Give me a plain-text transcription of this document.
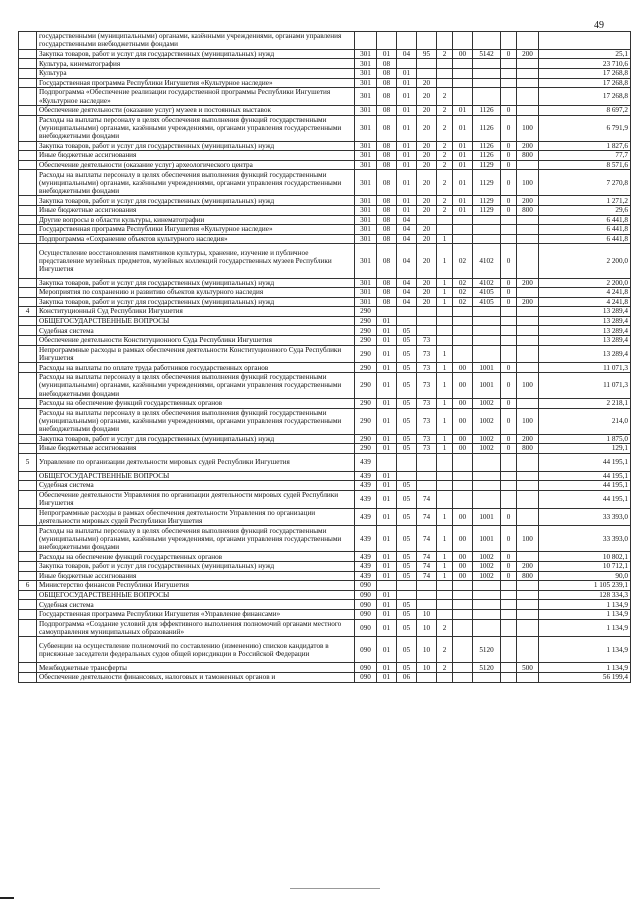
49
	государственными (муниципальными) органами, казёнными учреждениями, органами управления государственными внебюджетными фондами										
	Закупка товаров, работ и услуг для государственных (муниципальных) нужд	301	01	04	95	2	00	5142	0	200	25,1
	Культура, кинематография	301	08								23 710,6
	Культура	301	08	01							17 268,8
	Государственная программа Республики Ингушетия «Культурное наследие»	301	08	01	20						17 268,8
	Подпрограмма «Обеспечение реализации государственной программы Республики Ингушетия «Культурное наследие»	301	08	01	20	2					17 268,8
	Обеспечение деятельности (оказание услуг) музеев и постоянных выставок	301	08	01	20	2	01	1126	0		8 697,2
	Расходы на выплаты персоналу в целях обеспечения выполнения функций государственными (муниципальными) органами, казёнными учреждениями, органами управления государственными внебюджетными фондами	301	08	01	20	2	01	1126	0	100	6 791,9
	Закупка товаров, работ и услуг для государственных (муниципальных) нужд	301	08	01	20	2	01	1126	0	200	1 827,6
	Иные бюджетные ассигнования	301	08	01	20	2	01	1126	0	800	77,7
	Обеспечение деятельности (оказание услуг) археологического центра	301	08	01	20	2	01	1129	0		8 571,6
	Расходы на выплаты персоналу в целях обеспечения выполнения функций государственными (муниципальными) органами, казёнными учреждениями, органами управления государственными внебюджетными фондами	301	08	01	20	2	01	1129	0	100	7 270,8
	Закупка товаров, работ и услуг для государственных (муниципальных) нужд	301	08	01	20	2	01	1129	0	200	1 271,2
	Иные бюджетные ассигнования	301	08	01	20	2	01	1129	0	800	29,6
	Другие вопросы в области культуры, кинематографии	301	08	04							6 441,8
	Государственная программа Республики Ингушетия «Культурное наследие»	301	08	04	20						6 441,8
	Подпрограмма «Сохранение объектов культурного наследия»	301	08	04	20	1					6 441,8
	Осуществление восстановления памятников культуры, хранение, изучение и публичное представление музейных предметов, музейных коллекций государственных музеев Республики Ингушетия	301	08	04	20	1	02	4102	0		2 200,0
	Закупка товаров, работ и услуг для государственных (муниципальных) нужд	301	08	04	20	1	02	4102	0	200	2 200,0
	Мероприятия по сохранению и развитию объектов культурного наследия	301	08	04	20	1	02	4105	0		4 241,8
	Закупка товаров, работ и услуг для государственных (муниципальных) нужд	301	08	04	20	1	02	4105	0	200	4 241,8
4	Конституционный Суд Республики Ингушетия	290									13 289,4
	ОБЩЕГОСУДАРСТВЕННЫЕ ВОПРОСЫ	290	01								13 289,4
	Судебная система	290	01	05							13 289,4
	Обеспечение деятельности Конституционного Суда Республики Ингушетия	290	01	05	73						13 289,4
	Непрограммные расходы в рамках обеспечения деятельности Конституционного Суда Республики Ингушетия	290	01	05	73	1					13 289,4
	Расходы на выплаты по оплате труда работников государственных органов	290	01	05	73	1	00	1001	0		11 071,3
	Расходы на выплаты персоналу в целях обеспечения выполнения функций государственными (муниципальными) органами, казёнными учреждениями, органами управления государственными внебюджетными фондами	290	01	05	73	1	00	1001	0	100	11 071,3
	Расходы на обеспечение функций государственных органов	290	01	05	73	1	00	1002	0		2 218,1
	Расходы на выплаты персоналу в целях обеспечения выполнения функций государственными (муниципальными) органами, казёнными учреждениями, органами управления государственными внебюджетными фондами	290	01	05	73	1	00	1002	0	100	214,0
	Закупка товаров, работ и услуг для государственных (муниципальных) нужд	290	01	05	73	1	00	1002	0	200	1 875,0
	Иные бюджетные ассигнования	290	01	05	73	1	00	1002	0	800	129,1
5	Управление по организации деятельности мировых судей Республики Ингушетия	439									44 195,1
	ОБЩЕГОСУДАРСТВЕННЫЕ ВОПРОСЫ	439	01								44 195,1
	Судебная система	439	01	05							44 195,1
	Обеспечение деятельности Управления по организации деятельности мировых судей Республики Ингушетия	439	01	05	74						44 195,1
	Непрограммные расходы в рамках обеспечения деятельности Управления по организации деятельности мировых судей Республики Ингушетия	439	01	05	74	1	00	1001	0		33 393,0
	Расходы на выплаты персоналу в целях обеспечения выполнения функций государственными (муниципальными) органами, казёнными учреждениями, органами управления государственными внебюджетными фондами	439	01	05	74	1	00	1001	0	100	33 393,0
	Расходы на обеспечение функций государственных органов	439	01	05	74	1	00	1002	0		10 802,1
	Закупка товаров, работ и услуг для государственных (муниципальных) нужд	439	01	05	74	1	00	1002	0	200	10 712,1
	Иные бюджетные ассигнования	439	01	05	74	1	00	1002	0	800	90,0
6	Министерство финансов Республики Ингушетия	090									1 105 239,1
	ОБЩЕГОСУДАРСТВЕННЫЕ ВОПРОСЫ	090	01								128 334,3
	Судебная система	090	01	05							1 134,9
	Государственная программа Республики Ингушетия «Управление финансами»	090	01	05	10						1 134,9
	Подпрограмма «Создание условий для эффективного выполнения полномочий органами местного самоуправления муниципальных образований»	090	01	05	10	2					1 134,9
	Субвенции на осуществление полномочий по составлению (изменению) списков кандидатов в присяжные заседатели федеральных судов общей юрисдикции в Российской Федерации	090	01	05	10	2		5120			1 134,9
	Межбюджетные трансферты	090	01	05	10	2		5120		500	1 134,9
	Обеспечение деятельности финансовых, налоговых и таможенных органов и	090	01	06							56 199,4
